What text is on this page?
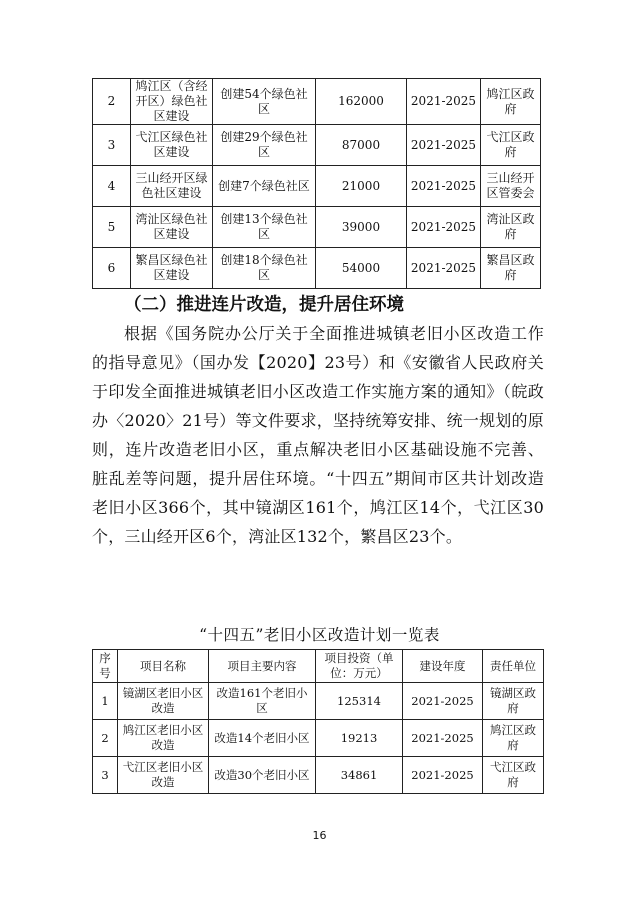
2	鸠江区（含经开区）绿色社区建设	创建54个绿色社区	162000	2021-2025	鸠江区政府
3	弋江区绿色社区建设	创建29个绿色社区	87000	2021-2025	弋江区政府
4	三山经开区绿色社区建设	创建7个绿色社区	21000	2021-2025	三山经开区管委会
5	湾沚区绿色社区建设	创建13个绿色社区	39000	2021-2025	湾沚区政府
6	繁昌区绿色社区建设	创建18个绿色社区	54000	2021-2025	繁昌区政府
（二）推进连片改造，提升居住环境

根据《国务院办公厅关于全面推进城镇老旧小区改造工作的指导意见》（国办发【2020】23号）和《安徽省人民政府关于印发全面推进城镇老旧小区改造工作实施方案的通知》（皖政办〈2020〉21号）等文件要求，坚持统筹安排、统一规划的原则，连片改造老旧小区，重点解决老旧小区基础设施不完善、脏乱差等问题，提升居住环境。“十四五”期间市区共计划改造老旧小区366个，其中镜湖区161个，鸠江区14个，弋江区30个，三山经开区6个，湾沚区132个，繁昌区23个。

“十四五”老旧小区改造计划一览表
序号	项目名称	项目主要内容	项目投资（单位：万元）	建设年度	责任单位
1	镜湖区老旧小区改造	改造161个老旧小区	125314	2021-2025	镜湖区政府
2	鸠江区老旧小区改造	改造14个老旧小区	19213	2021-2025	鸠江区政府
3	弋江区老旧小区改造	改造30个老旧小区	34861	2021-2025	弋江区政府
16
